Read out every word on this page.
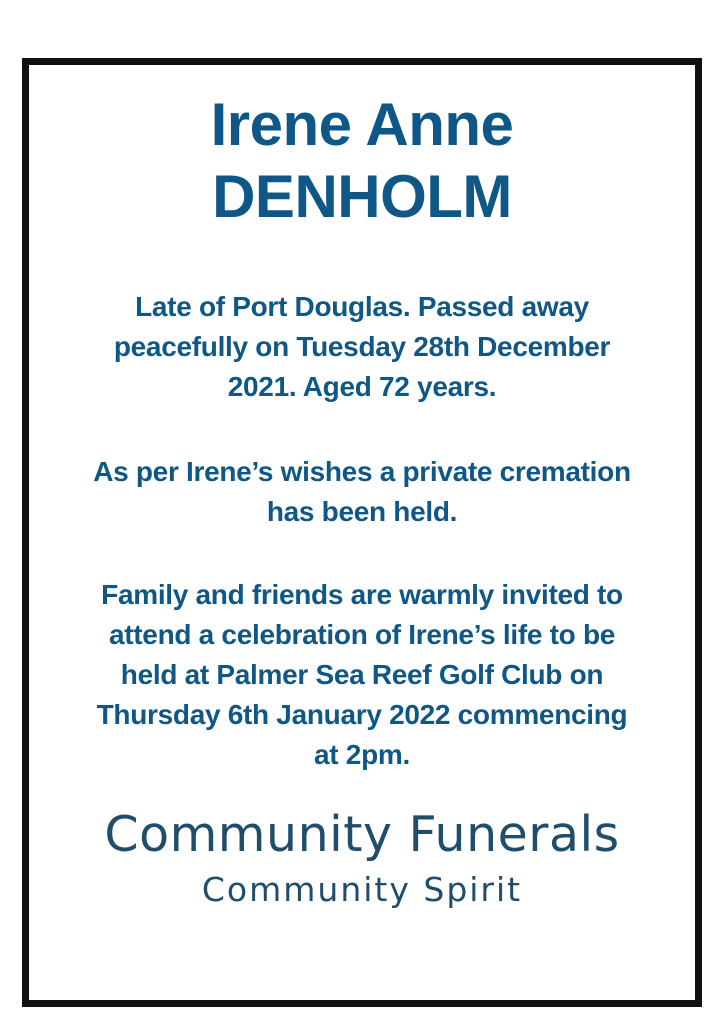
Irene Anne
DENHOLM
Late of Port Douglas. Passed away
peacefully on Tuesday 28th December
2021. Aged 72 years.
As per Irene’s wishes a private cremation
has been held.
Family and friends are warmly invited to
attend a celebration of Irene’s life to be
held at Palmer Sea Reef Golf Club on
Thursday 6th January 2022 commencing
at 2pm.
Community Funerals
Community Spirit
